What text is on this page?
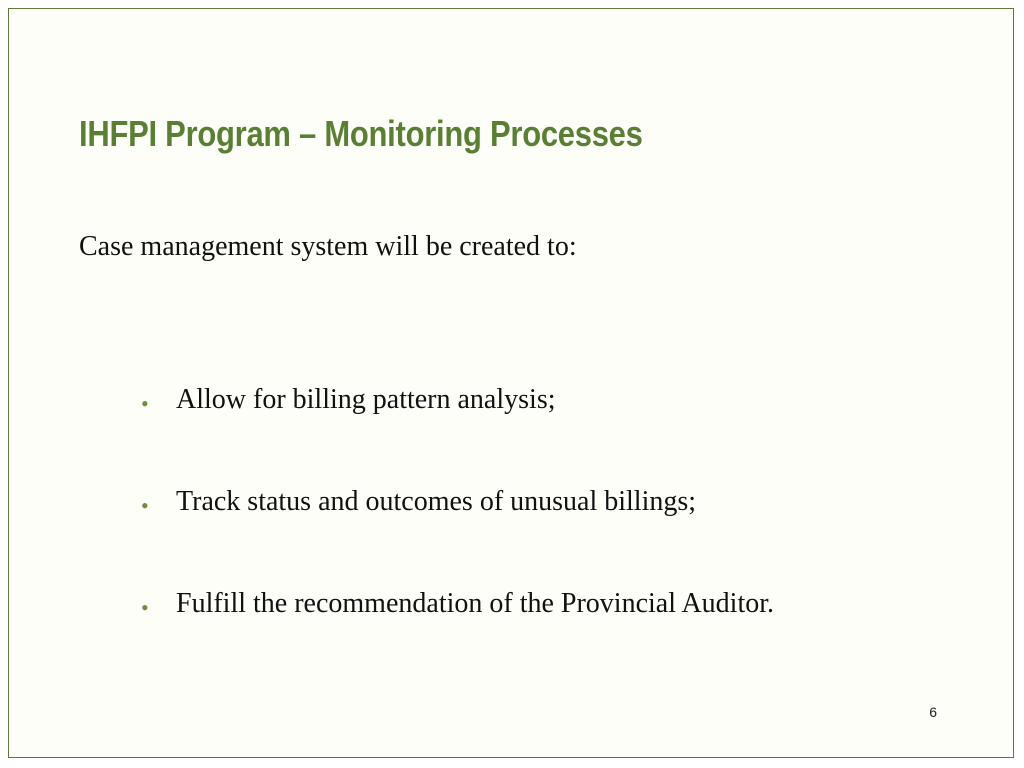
IHFPI Program – Monitoring Processes
Case management system will be created to:
• Allow for billing pattern analysis;
• Track status and outcomes of unusual billings;
• Fulfill the recommendation of the Provincial Auditor.
6
